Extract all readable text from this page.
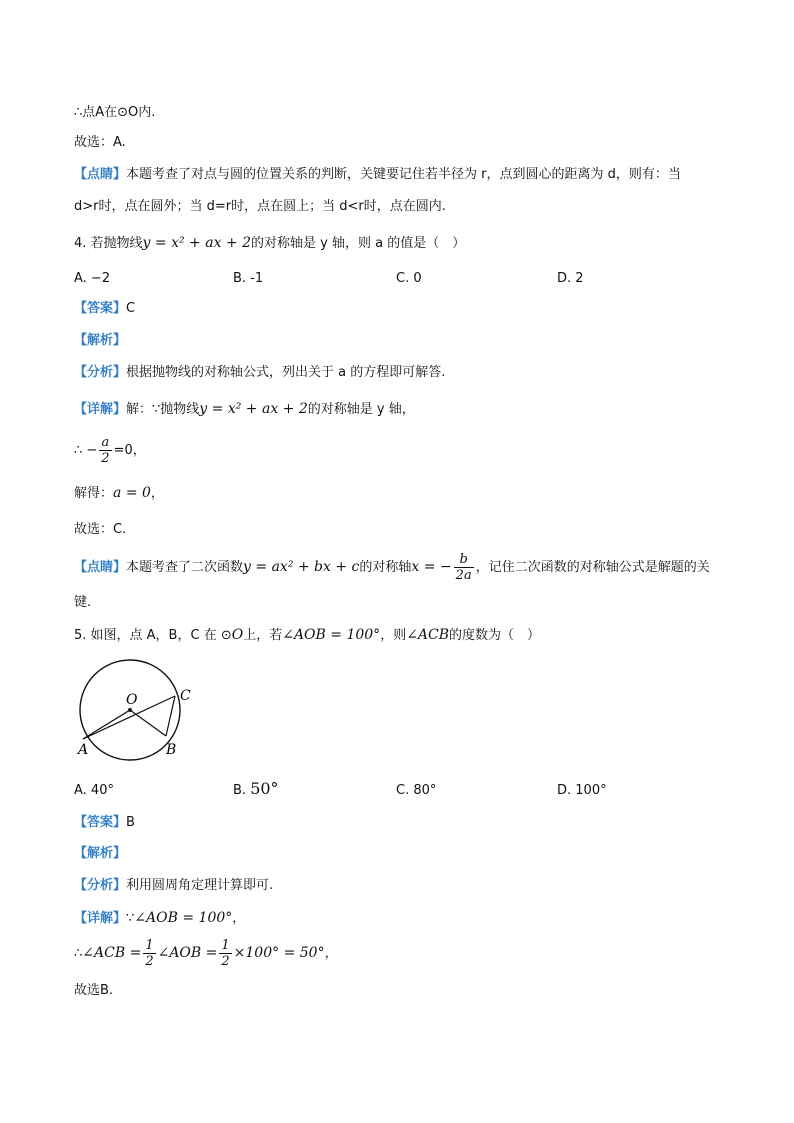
∴点A在⊙O内.
故选：A.
【点睛】本题考查了对点与圆的位置关系的判断，关键要记住若半径为 r，点到圆心的距离为 d，则有：当
d>r时，点在圆外；当 d=r时，点在圆上；当 d<r时，点在圆内.
4. 若抛物线y = x² + ax + 2的对称轴是 y 轴，则 a 的值是（　）
A. −2	B. -1	C. 0	D. 2
【答案】C
【解析】
【分析】根据抛物线的对称轴公式，列出关于 a 的方程即可解答.
【详解】解：∵抛物线y = x² + ax + 2的对称轴是 y 轴，
∴ − $\frac{a}{2} =0$，
解得：a = 0，
故选：C.
【点睛】本题考查了二次函数y = ax² + bx + c的对称轴x = − $\frac{b}{2a}$ ，记住二次函数的对称轴公式是解题的关
键.
5. 如图，点 A，B，C 在 ⊙O上，若∠AOB = 100°，则∠ACB的度数为（　）
O
A	B
C
A. 40°	B. 50°	C. 80°	D. 100°
【答案】B
【解析】
【分析】利用圆周角定理计算即可.
【详解】∵∠AOB = 100°，
∴∠ACB = $\frac{1}{2}$ ∠AOB = $\frac{1}{2} \times 100^\circ = 50^\circ$，
故选B.
